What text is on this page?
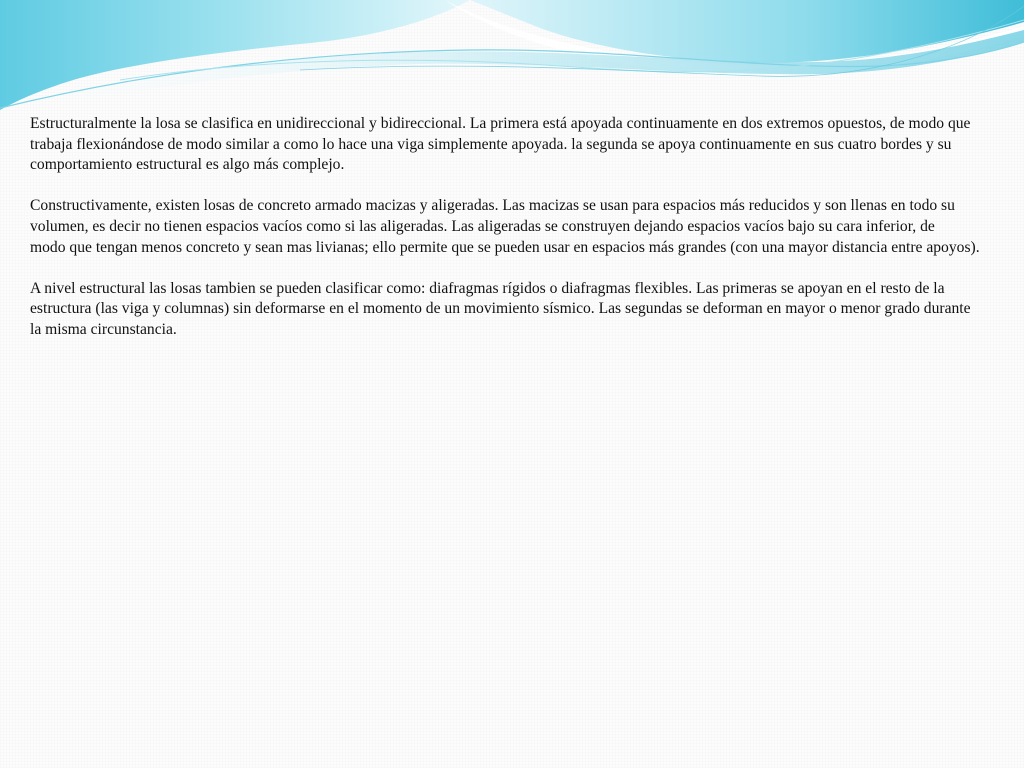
Estructuralmente la losa se clasifica en unidireccional y bidireccional. La primera está apoyada continuamente en dos extremos opuestos, de modo que trabaja flexionándose de modo similar a como lo hace una viga simplemente apoyada. la segunda se apoya continuamente en sus cuatro bordes y su comportamiento estructural es algo más complejo.

Constructivamente, existen losas de concreto armado macizas y aligeradas. Las macizas se usan para espacios más reducidos y son llenas en todo su volumen, es decir no tienen espacios vacíos como si las aligeradas. Las aligeradas se construyen dejando espacios vacíos bajo su cara inferior, de
modo que tengan menos concreto y sean mas livianas; ello permite que se pueden usar en espacios más grandes (con una mayor distancia entre apoyos).

A nivel estructural las losas tambien se pueden clasificar como: diafragmas rígidos o diafragmas flexibles. Las primeras se apoyan en el resto de la estructura (las viga y columnas) sin deformarse en el momento de un movimiento sísmico. Las segundas se deforman en mayor o menor grado durante la misma circunstancia.
